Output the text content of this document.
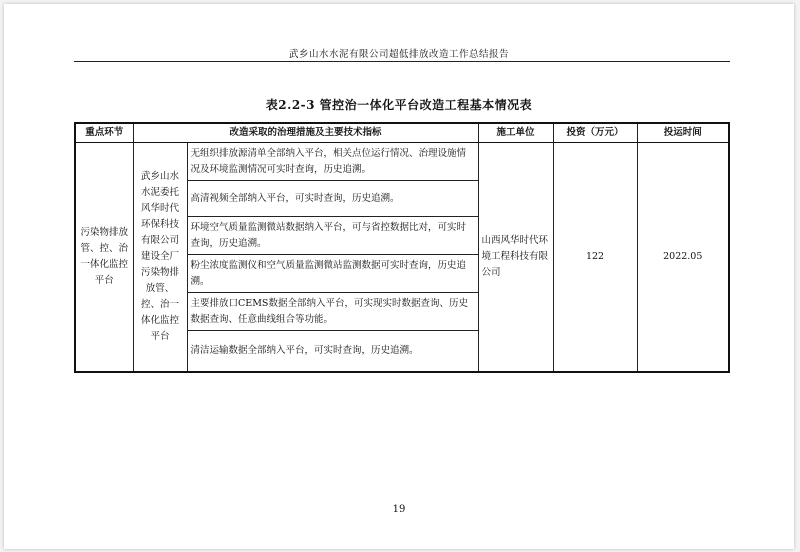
武乡山水水泥有限公司超低排放改造工作总结报告
表2.2-3 管控治一体化平台改造工程基本情况表
重点环节	改造采取的治理措施及主要技术指标		施工单位	投资（万元）	投运时间
污染物排放管、控、治一体化监控平台	武乡山水水泥委托风华时代环保科技有限公司建设全厂污染物排放管、控、治一体化监控平台	无组织排放源清单全部纳入平台，相关点位运行情况、治理设施情况及环境监测情况可实时查询，历史追溯。	山西风华时代环境工程科技有限公司	122	2022.05
		高清视频全部纳入平台，可实时查询，历史追溯。			
		环境空气质量监测微站数据纳入平台，可与省控数据比对，可实时查询，历史追溯。			
		粉尘浓度监测仪和空气质量监测微站监测数据可实时查询，历史追溯。			
		主要排放口CEMS数据全部纳入平台，可实现实时数据查询、历史数据查询、任意曲线组合等功能。			
		清洁运输数据全部纳入平台，可实时查询，历史追溯。			
19
